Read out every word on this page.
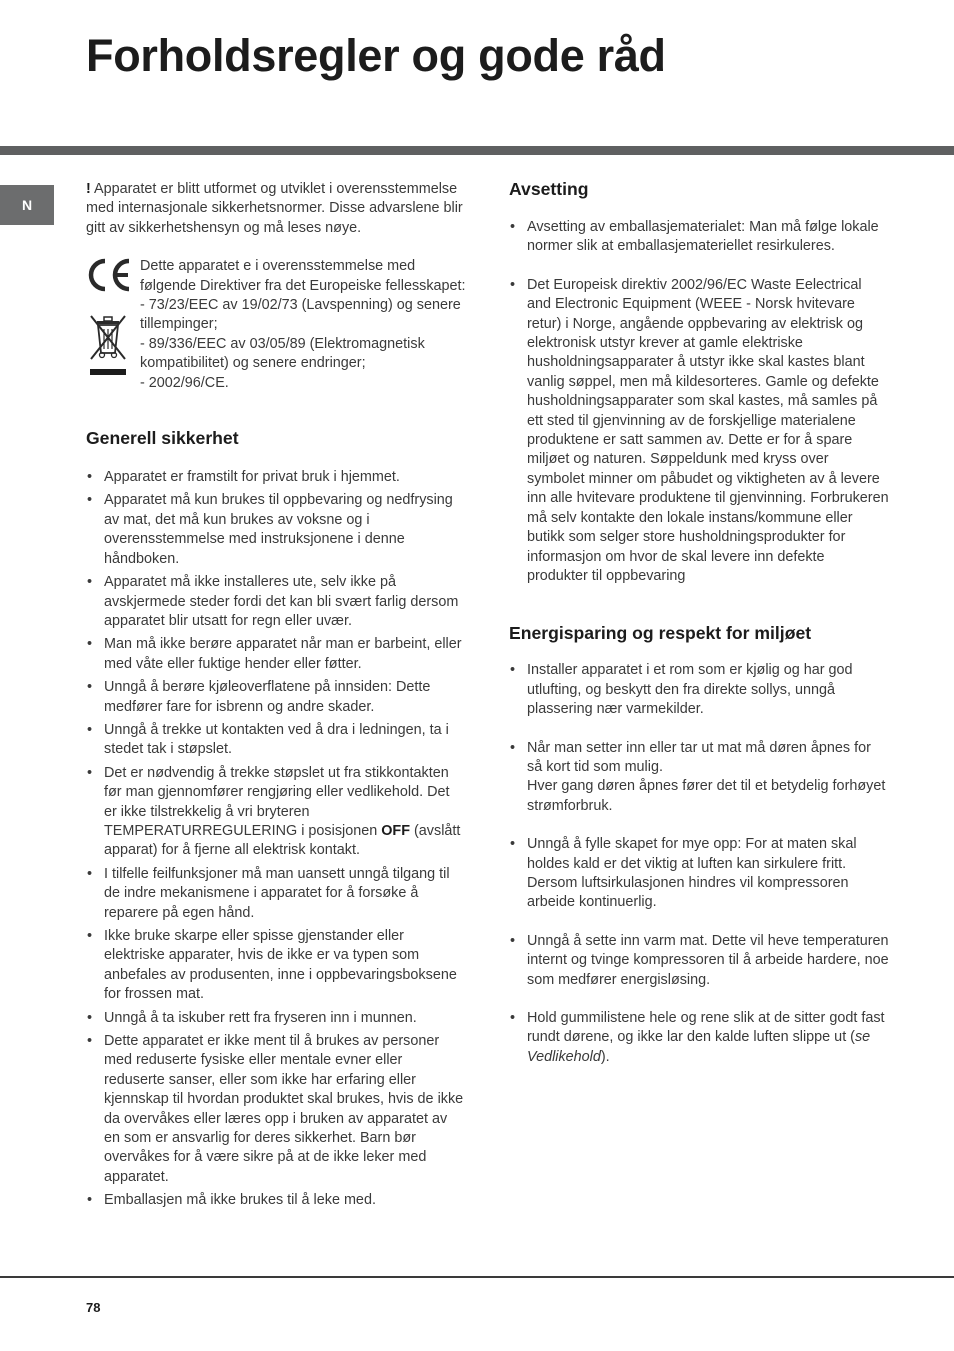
Forholdsregler og gode råd
N

! Apparatet er blitt utformet og utviklet i overensstemmelse med internasjonale sikkerhetsnormer. Disse advarslene blir gitt av sikkerhetshensyn og må leses nøye.

Dette apparatet e i overensstemmelse med følgende Direktiver fra det Europeiske fellesskapet:

- 73/23/EEC av 19/02/73 (Lavspenning) og senere tillempinger;

- 89/336/EEC av 03/05/89 (Elektromagnetisk kompatibilitet) og senere endringer;

- 2002/96/CE.

Generell sikkerhet
• Apparatet er framstilt for privat bruk i hjemmet.
• Apparatet må kun brukes til oppbevaring og nedfrysing av mat, det må kun brukes av voksne og i overensstemmelse med instruksjonene i denne håndboken.
• Apparatet må ikke installeres ute, selv ikke på avskjermede steder fordi det kan bli svært farlig dersom apparatet blir utsatt for regn eller uvær.
• Man må ikke berøre apparatet når man er barbeint, eller med våte eller fuktige hender eller føtter.
• Unngå å berøre kjøleoverflatene på innsiden: Dette medfører fare for isbrenn og andre skader.
• Unngå å trekke ut kontakten ved å dra i ledningen, ta i stedet tak i støpslet.
• Det er nødvendig å trekke støpslet ut fra stikkontakten før man gjennomfører rengjøring eller vedlikehold. Det er ikke tilstrekkelig å vri bryteren TEMPERATURREGULERING i posisjonen OFF (avslått apparat) for å fjerne all elektrisk kontakt.
• I tilfelle feilfunksjoner må man uansett unngå tilgang til de indre mekanismene i apparatet for å forsøke å reparere på egen hånd.
• Ikke bruke skarpe eller spisse gjenstander eller elektriske apparater, hvis de ikke er va typen som anbefales av produsenten, inne i oppbevaringsboksene for frossen mat.
• Unngå å ta iskuber rett fra fryseren inn i munnen.
• Dette apparatet er ikke ment til å brukes av personer med reduserte fysiske eller mentale evner eller reduserte sanser, eller som ikke har erfaring eller kjennskap til hvordan produktet skal brukes, hvis de ikke da overvåkes eller læres opp i bruken av apparatet av en som er ansvarlig for deres sikkerhet. Barn bør overvåkes for å være sikre på at de ikke leker med apparatet.
• Emballasjen må ikke brukes til å leke med.
Avsetting
• Avsetting av emballasjematerialet: Man må følge lokale normer slik at emballasjemateriellet resirkuleres.
• Det Europeisk direktiv 2002/96/EC Waste Eelectrical and Electronic Equipment (WEEE - Norsk hvitevare retur) i Norge, angående oppbevaring av elektrisk og elektronisk utstyr krever at gamle elektriske husholdningsapparater å utstyr ikke skal kastes blant vanlig søppel, men må kildesorteres. Gamle og defekte husholdningsapparater som skal kastes, må samles på ett sted til gjenvinning av de forskjellige materialene produktene er satt sammen av. Dette er for å spare miljøet og naturen. Søppeldunk med kryss over symbolet minner om påbudet og viktigheten av å levere inn alle hvitevare produktene til gjenvinning. Forbrukeren må selv kontakte den lokale instans/kommune eller butikk som selger store husholdningsprodukter for informasjon om hvor de skal levere inn defekte produkter til oppbevaring
Energisparing og respekt for miljøet
• Installer apparatet i et rom som er kjølig og har god utlufting, og beskytt den fra direkte sollys, unngå plassering nær varmekilder.
• Når man setter inn eller tar ut mat må døren åpnes for så kort tid som mulig.
Hver gang døren åpnes fører det til et betydelig forhøyet strømforbruk.
• Unngå å fylle skapet for mye opp: For at maten skal holdes kald er det viktig at luften kan sirkulere fritt. Dersom luftsirkulasjonen hindres vil kompressoren arbeide kontinuerlig.
• Unngå å sette inn varm mat. Dette vil heve temperaturen internt og tvinge kompressoren til å arbeide hardere, noe som medfører energisløsing.
• Hold gummilistene hele og rene slik at de sitter godt fast rundt dørene, og ikke lar den kalde luften slippe ut (se Vedlikehold).
78
